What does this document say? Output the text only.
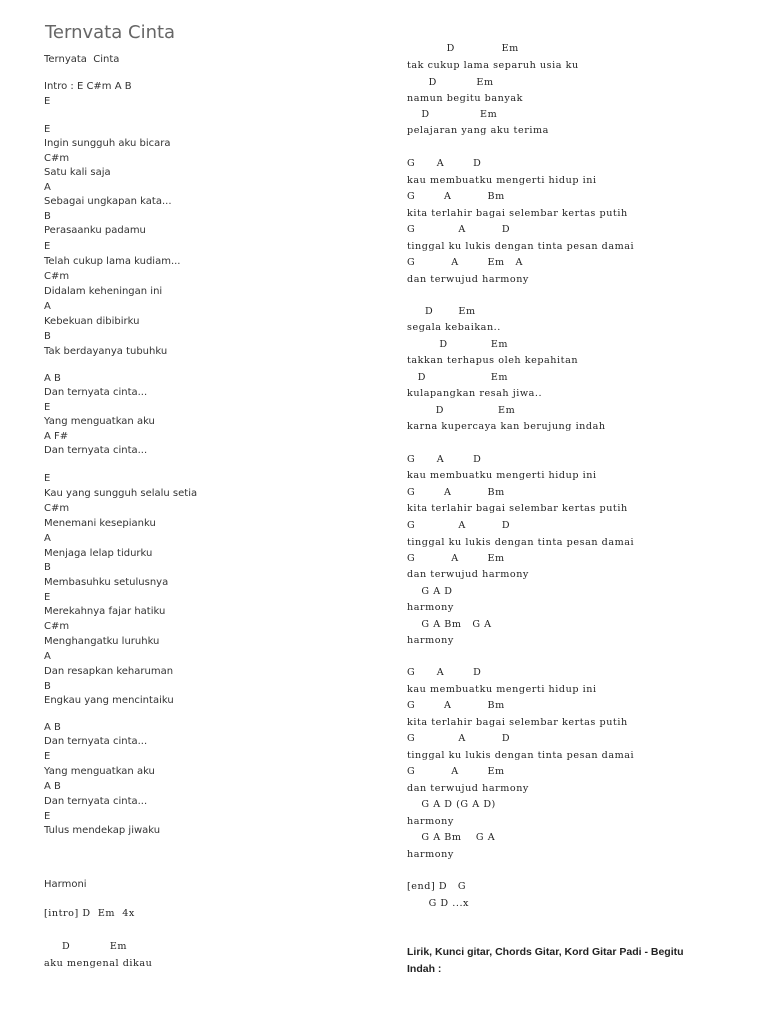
Ternvata Cinta

Ternyata  Cinta

Intro : E C#m A B

E

E

Ingin sungguh aku bicara

C#m

Satu kali saja

A

Sebagai ungkapan kata...

B

Perasaanku padamu

E

Telah cukup lama kudiam...

C#m

Didalam keheningan ini

A

Kebekuan dibibirku

B

Tak berdayanya tubuhku

A B

Dan ternyata cinta...

E

Yang menguatkan aku

A F#

Dan ternyata cinta...

E

Kau yang sungguh selalu setia

C#m

Menemani kesepianku

A

Menjaga lelap tidurku

B

Membasuhku setulusnya

E

Merekahnya fajar hatiku

C#m

Menghangatku luruhku

A

Dan resapkan keharuman

B

Engkau yang mencintaiku

A B

Dan ternyata cinta...

E

Yang menguatkan aku

A B

Dan ternyata cinta...

E

Tulus mendekap jiwaku

Harmoni

[intro] D  Em  4x

D           Em

aku mengenal dikau

D             Em

tak cukup lama separuh usia ku

D           Em

namun begitu banyak

D              Em

pelajaran yang aku terima

G      A        D

kau membuatku mengerti hidup ini

G        A          Bm

kita terlahir bagai selembar kertas putih

G            A          D

tinggal ku lukis dengan tinta pesan damai

G          A        Em   A

dan terwujud harmony

D       Em

segala kebaikan..

D            Em

takkan terhapus oleh kepahitan

D                  Em

kulapangkan resah jiwa..

D               Em

karna kupercaya kan berujung indah

G      A        D

kau membuatku mengerti hidup ini

G        A          Bm

kita terlahir bagai selembar kertas putih

G            A          D

tinggal ku lukis dengan tinta pesan damai

G          A        Em

dan terwujud harmony

G A D

harmony

G A Bm   G A

harmony

G      A        D

kau membuatku mengerti hidup ini

G        A          Bm

kita terlahir bagai selembar kertas putih

G            A          D

tinggal ku lukis dengan tinta pesan damai

G          A        Em

dan terwujud harmony

G A D (G A D)

harmony

G A Bm    G A

harmony

[end] D   G

G D ...x

Lirik, Kunci gitar, Chords Gitar, Kord Gitar Padi - Begitu

Indah :
